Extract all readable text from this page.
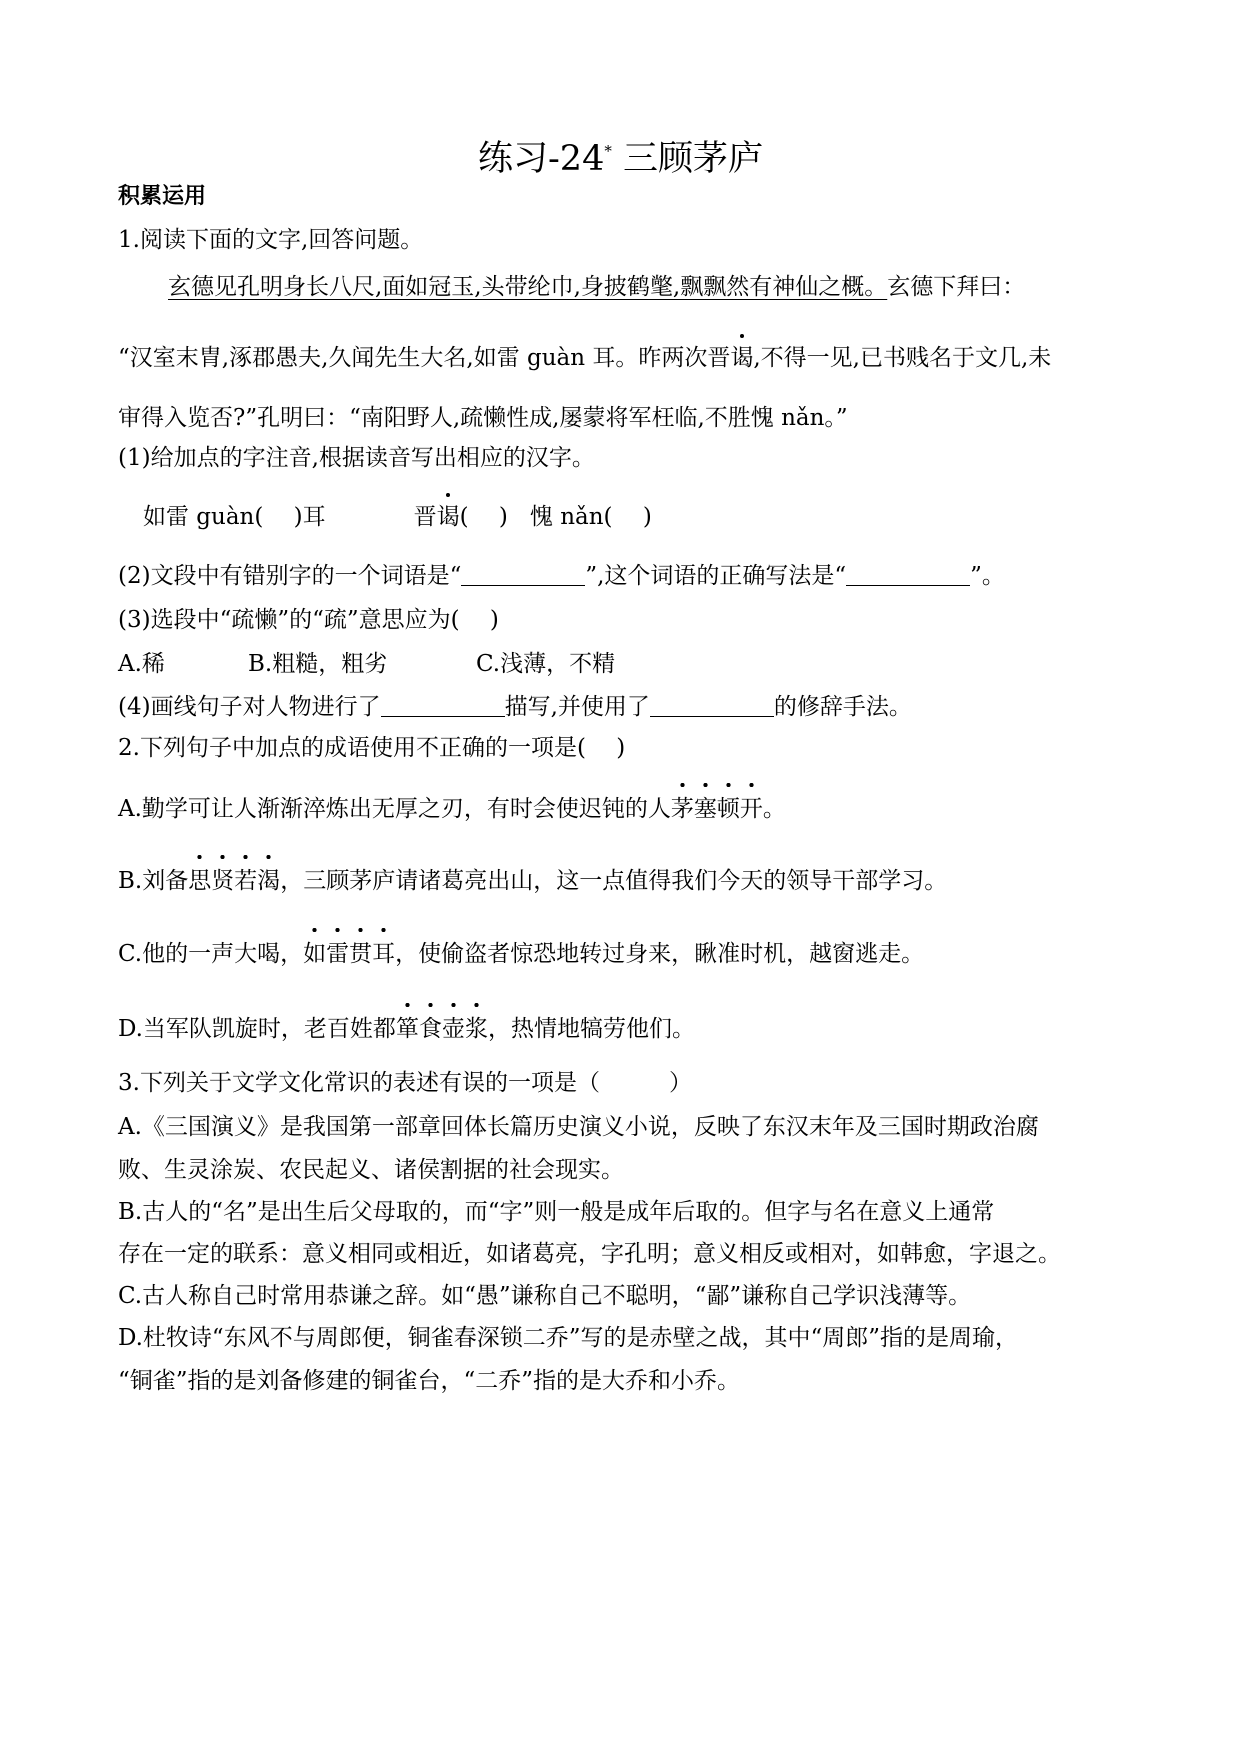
练习-24* 三顾茅庐
积累运用
1.阅读下面的文字,回答问题。
玄德见孔明身长八尺,面如冠玉,头带纶巾,身披鹤氅,飘飘然有神仙之概。玄德下拜曰：
“汉室末胄,涿郡愚夫,久闻先生大名,如雷 guàn 耳。昨两次晋谒,不得一见,已书贱名于文几,未
审得入览否?”孔明曰：“南阳野人,疏懒性成,屡蒙将军枉临,不胜愧 nǎn。”
(1)给加点的字注音,根据读音写出相应的汉字。
如雷 guàn(　 )耳	晋谒(　 ) 愧 nǎn(　 )
(2)文段中有错别字的一个词语是“	”,这个词语的正确写法是“	”。
(3)选段中“疏懒”的“疏”意思应为(　 )
A.稀	B.粗糙，粗劣	C.浅薄，不精
(4)画线句子对人物进行了	描写,并使用了	的修辞手法。
2.下列句子中加点的成语使用不正确的一项是(　 )
A.勤学可让人渐渐淬炼出无厚之刃，有时会使迟钝的人茅塞顿开。
B.刘备思贤若渴，三顾茅庐请诸葛亮出山，这一点值得我们今天的领导干部学习。
C.他的一声大喝，如雷贯耳，使偷盗者惊恐地转过身来，瞅准时机，越窗逃走。
D.当军队凯旋时，老百姓都箪食壶浆，热情地犒劳他们。
3.下列关于文学文化常识的表述有误的一项是（　　　）
A.《三国演义》是我国第一部章回体长篇历史演义小说，反映了东汉末年及三国时期政治腐
败、生灵涂炭、农民起义、诸侯割据的社会现实。
B.古人的“名”是出生后父母取的，而“字”则一般是成年后取的。但字与名在意义上通常
存在一定的联系：意义相同或相近，如诸葛亮，字孔明；意义相反或相对，如韩愈，字退之。
C.古人称自己时常用恭谦之辞。如“愚”谦称自己不聪明，“鄙”谦称自己学识浅薄等。
D.杜牧诗“东风不与周郎便，铜雀春深锁二乔”写的是赤壁之战，其中“周郎”指的是周瑜，
“铜雀”指的是刘备修建的铜雀台，“二乔”指的是大乔和小乔。
